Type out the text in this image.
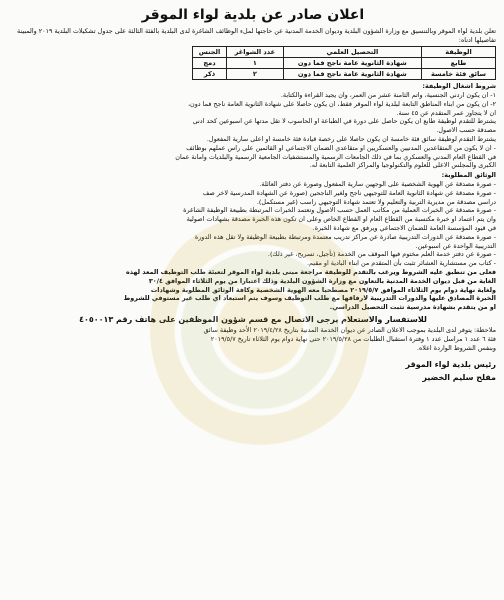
اعلان صادر عن بلدية لواء الموقر
تعلن بلدية لواء الموقر وبالتنسيق مع وزارة الشؤون البلدية وديوان الخدمة المدنية عن حاجتها لملء الوظائف الشاغرة لدى البلدية بالفئة الثالثة على جدول تشكيلات البلدية ٢٠١٩ والمبينة تفاصيلها ادناه:
الوظيفة	التحصيل العلمي	عدد الشواغر	الجنس
طابع	شهادة الثانوية عامة ناجح فما دون	١	دمج
سائق فئة خامسة	شهادة الثانوية عامة ناجح فما دون	٢	ذكر
شروط اشغال الوظيفة:
١- ان يكون اردني الجنسية، واتم الثامنة عشر من العمر، وان يجيد القراءة والكتابة.
٢- ان يكون من ابناء المناطق التابعة لبلدية لواء الموقر فقط، ان يكون حاصلا على شهادة الثانوية العامة ناجح فما دون،
ان لا يتجاوز عمر المتقدم عن ٤٥ سنة.
يشترط للتقدم لوظيفة طابع ان يكون حاصل على دورة في الطباعة او الحاسوب لا تقل مدتها عن اسبوعين كحد ادنى
مصدقة حسب الاصول.
يشترط التقدم لوظيفة سائق فئة خامسة ان يكون حاصلا على رخصة قيادة فئة خامسة او اعلى سارية المفعول.
- ان لا يكون من المتقاعدين المدنيين والعسكريين او متقاعدي الضمان الاجتماعي او القائمين على راس عملهم بوظائف
في القطاع العام المدني والعسكري بما في ذلك الجامعات الرسمية والمستشفيات الجامعية الرسمية والبلديات وامانة عمان
الكبرى والمجلس الاعلى للعلوم والتكنولوجيا والمراكز العلمية التابعة له.
الوثائق المطلوبة:
- صورة مصدقة عن الهوية الشخصية على الوجهين سارية المفعول وصورة عن دفتر العائلة.
- صورة مصدقة عن شهادة الثانوية العامة للتوجيهي ناجح ولغير الناجحين (صورة عن الشهادة المدرسية لاخر صف
دراسي مصدقة من مديرية التربية والتعليم ولا تعتمد شهادة التوجيهي راسب (غير مستكمل).
- صورة مصدقة عن الخبرات العملية من مكاتب العمل حسب الاصول وتعتمد الخبرات المرتبطة بطبيعة الوظيفة الشاغرة
وان يتم اعتماد او خبرة مكتسبة من القطاع العام او القطاع الخاص وعلى ان تكون هذه الخبرة مصدقة بشهادات اصولية
في قيود المؤسسة العامة للضمان الاجتماعي ويرفق مع شهادة الخبرة.
- صورة مصدقة عن الدورات التدريبية صادرة عن مراكز تدريب معتمدة ومرتبطة بطبيعة الوظيفة ولا تقل هذه الدورة
التدريبية الواحدة عن اسبوعين.
- صورة عن دفتر خدمة العلم مختوم فيها الموقف من الخدمة (تأجيل، تسريح، غير ذلك).
- كتاب من مستشارية العشائر تثبت بأن المتقدم من ابناء البادية او مقيم.
فعلى من تنطبق عليه الشروط ويرغب بالتقدم للوظيفة مراجعة مبنى بلدية لواء الموقر لتعبئة طلب التوظيف المعد لهذه
الغاية من قبل ديوان الخدمة المدنية بالتعاون مع وزارة الشؤون البلدية وذلك اعتبارا من يوم الثلاثاء الموافق ٣٠/٤
ولغاية نهاية دوام يوم الثلاثاء الموافق ٢٠١٩/٥/٧ مصطحبا معه الهوية الشخصية وكافة الوثائق المطلوبة وشهادات
الخبرة المصادق عليها والدورات التدريبية لارفاقها مع طلب التوظيف وسوف يتم استبعاد اي طلب غير مستوفي للشروط
او من يتقدم بشهادة مدرسية تثبت التحصيل الدراسي.
للاستفسار والاستعلام يرجى الاتصال مع قسم شؤون الموظفين على هاتف رقم ٤٠٥٠٠١٣
ملاحظة: يتوفر لدى البلدية بموجب الاعلان الصادر عن ديوان الخدمة المدنية بتاريخ ٢٠١٩/٤/٢٨ الأحد وظيفة سائق
فئة ٦ عدد ١ مراسل عدد ١ وفترة استقبال الطلبات من ٢٠١٩/٥/٢٨ حتى نهاية دوام يوم الثلاثاء تاريخ ٢٠١٩/٥/٧
وبنفس الشروط الواردة اعلاه.
رئيس بلدية لواء الموقر
مفلح سليم الخضير
